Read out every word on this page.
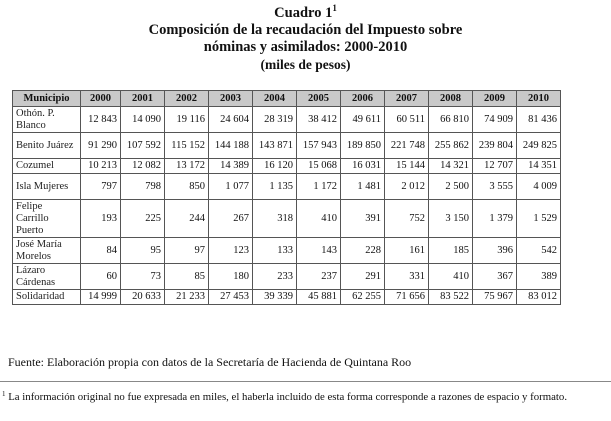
Cuadro $1^1$
Composición de la recaudación del Impuesto sobre
nóminas y asimilados: 2000-2010
(miles de pesos)
Municipio	2000	2001	2002	2003	2004	2005	2006	2007	2008	2009	2010
Othón. P. Blanco	12 843	14 090	19 116	24 604	28 319	38 412	49 611	60 511	66 810	74 909	81 436
Benito Juárez	91 290	107 592	115 152	144 188	143 871	157 943	189 850	221 748	255 862	239 804	249 825
Cozumel	10 213	12 082	13 172	14 389	16 120	15 068	16 031	15 144	14 321	12 707	14 351
Isla Mujeres	797	798	850	1 077	1 135	1 172	1 481	2 012	2 500	3 555	4 009
Felipe Carrillo Puerto	193	225	244	267	318	410	391	752	3 150	1 379	1 529
José María Morelos	84	95	97	123	133	143	228	161	185	396	542
Lázaro Cárdenas	60	73	85	180	233	237	291	331	410	367	389
Solidaridad	14 999	20 633	21 233	27 453	39 339	45 881	62 255	71 656	83 522	75 967	83 012
Fuente: Elaboración propia con datos de la Secretaría de Hacienda de Quintana Roo
$^1$ La información original no fue expresada en miles, el haberla incluido de esta forma corresponde a razones de espacio y formato.
